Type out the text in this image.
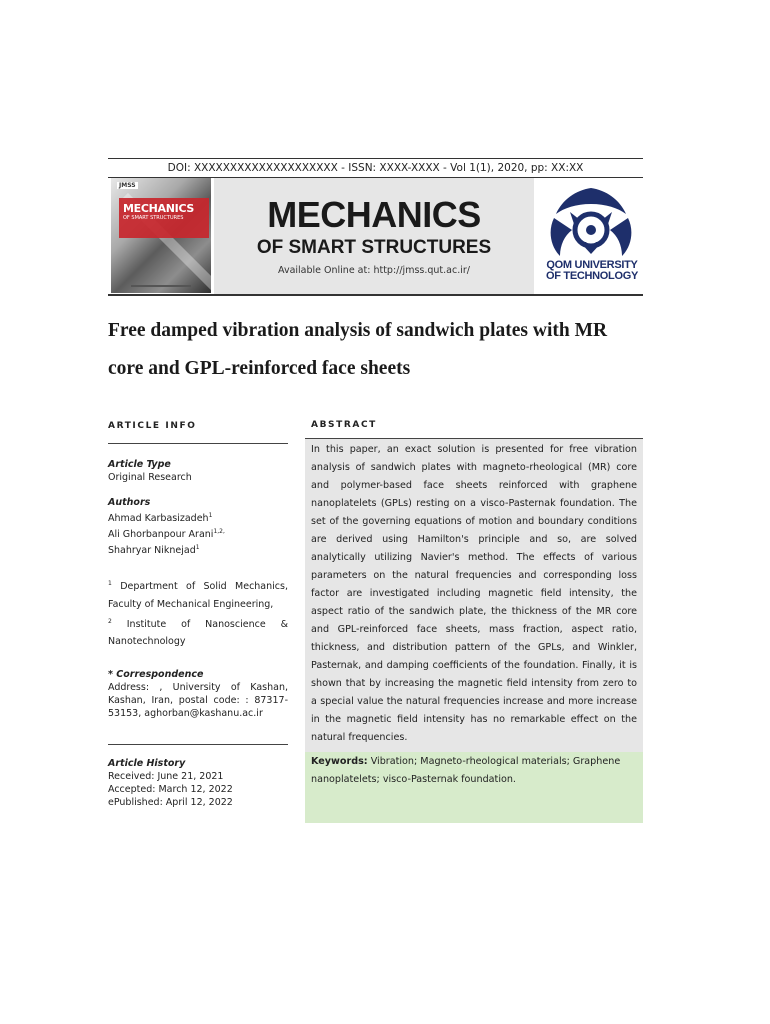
DOI: XXXXXXXXXXXXXXXXXXXX - ISSN: XXXX-XXXX - Vol 1(1), 2020, pp: XX:XX
JMSS
MECHANICS
OF SMART STRUCTURES	MECHANICS
OF SMART STRUCTURES
Available Online at: http://jmss.qut.ac.ir/	QOM UNIVERSITY
OF TECHNOLOGY
Free damped vibration analysis of sandwich plates with MR
core and GPL-reinforced face sheets
ARTICLE INFO
Article Type
Original Research
Authors
Ahmad Karbasizadeh$^1$
Ali Ghorbanpour Arani$^{1,2,}$
Shahryar Niknejad$^1$
$^1$ Department of Solid Mechanics, Faculty of Mechanical Engineering,
$^2$ Institute of Nanoscience & Nanotechnology
* Correspondence
Address: , University of Kashan, Kashan, Iran, postal code: : 87317-53153, aghorban@kashanu.ac.ir
Article History
Received: June 21, 2021
Accepted: March 12, 2022
ePublished: April 12, 2022
ABSTRACT
In this paper, an exact solution is presented for free vibration analysis of sandwich plates with magneto-rheological (MR) core and polymer-based face sheets reinforced with graphene nanoplatelets (GPLs) resting on a visco-Pasternak foundation. The set of the governing equations of motion and boundary conditions are derived using Hamilton's principle and so, are solved analytically utilizing Navier's method. The effects of various parameters on the natural frequencies and corresponding loss factor are investigated including magnetic field intensity, the aspect ratio of the sandwich plate, the thickness of the MR core and GPL-reinforced face sheets, mass fraction, aspect ratio, thickness, and distribution pattern of the GPLs, and Winkler, Pasternak, and damping coefficients of the foundation. Finally, it is shown that by increasing the magnetic field intensity from zero to a special value the natural frequencies increase and more increase in the magnetic field intensity has no remarkable effect on the natural frequencies.
Keywords: Vibration; Magneto-rheological materials; Graphene nanoplatelets; visco-Pasternak foundation.
